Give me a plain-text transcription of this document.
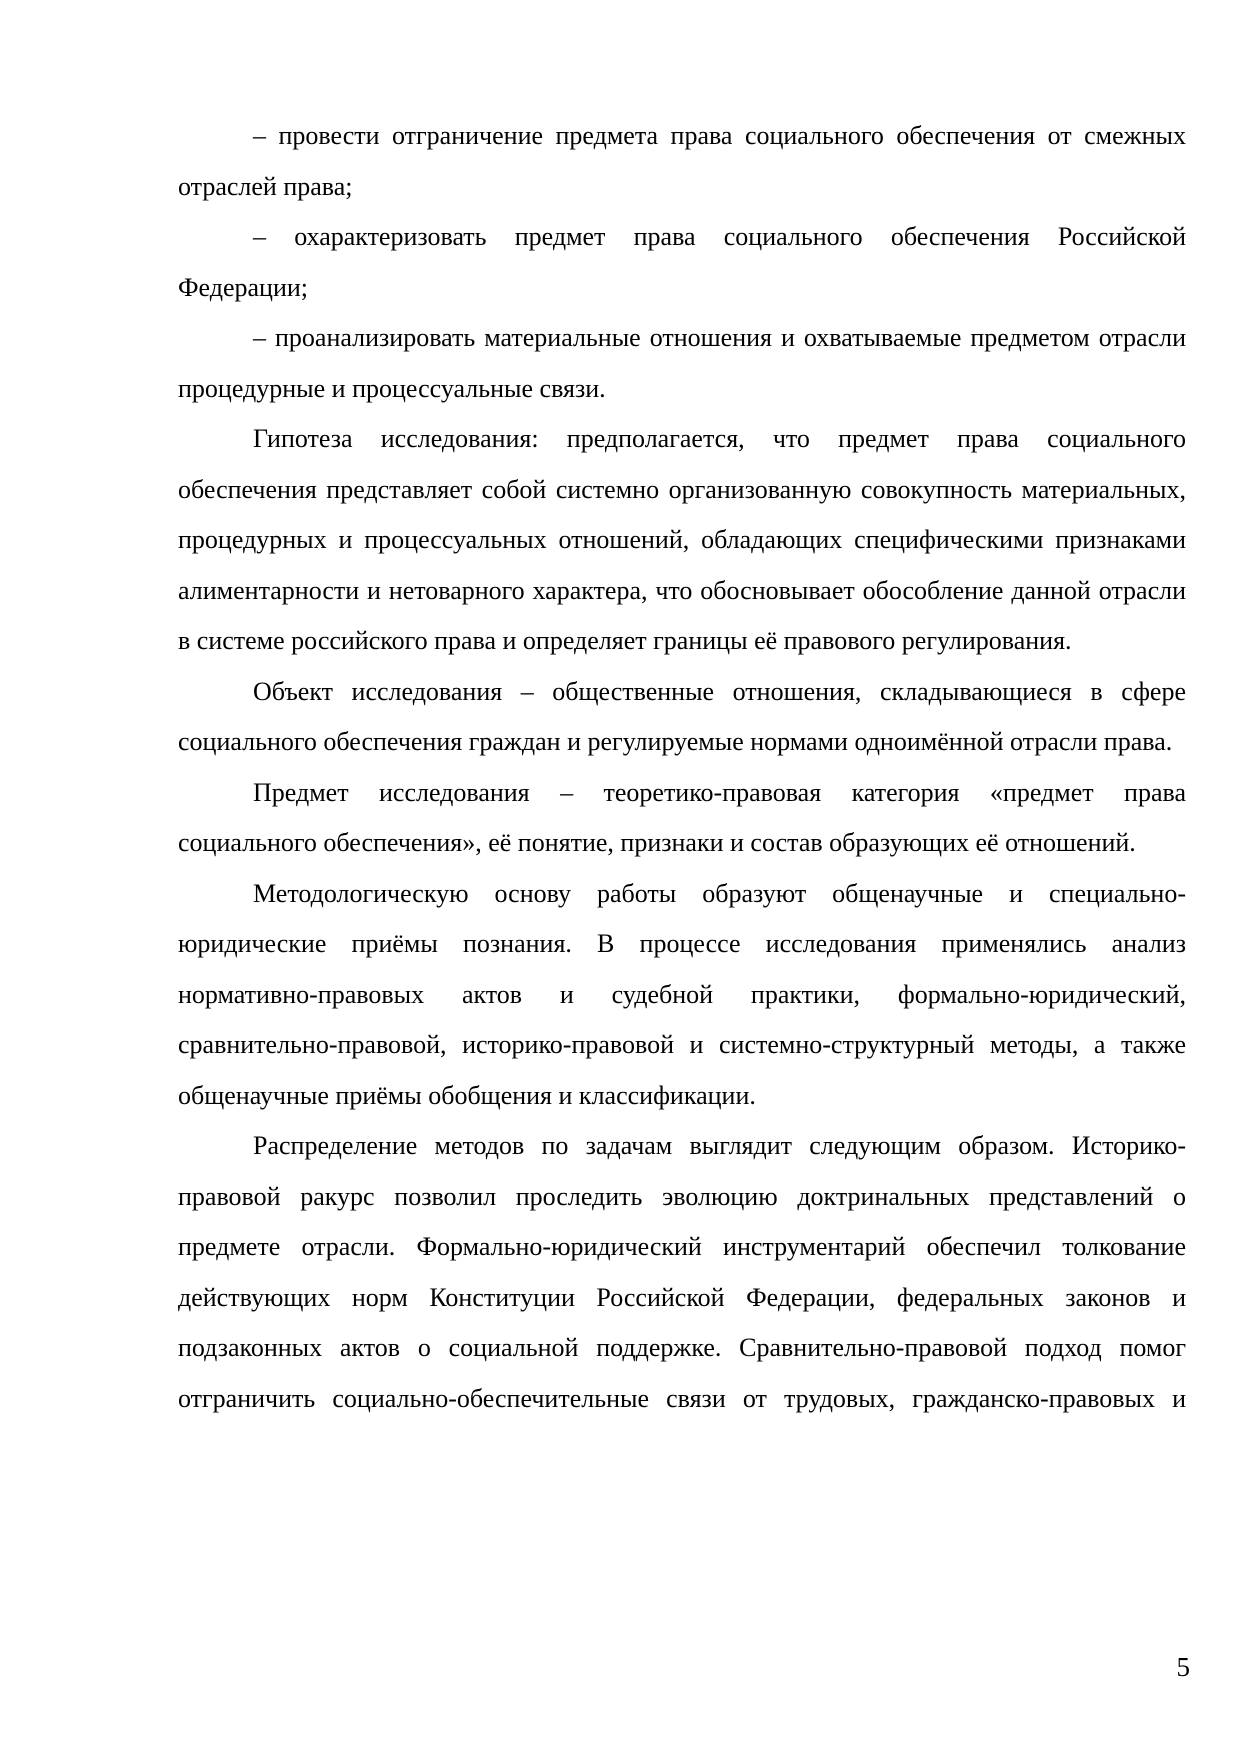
– провести отграничение предмета права социального обеспечения от смежных отраслей права;

– охарактеризовать предмет права социального обеспечения Российской Федерации;

– проанализировать материальные отношения и охватываемые предметом отрасли процедурные и процессуальные связи.

Гипотеза исследования: предполагается, что предмет права социального обеспечения представляет собой системно организованную совокупность материальных, процедурных и процессуальных отношений, обладающих специфическими признаками алиментарности и нетоварного характера, что обосновывает обособление данной отрасли в системе российского права и определяет границы её правового регулирования.

Объект исследования – общественные отношения, складывающиеся в сфере социального обеспечения граждан и регулируемые нормами одноимённой отрасли права.

Предмет исследования – теоретико-правовая категория «предмет права социального обеспечения», её понятие, признаки и состав образующих её отношений.

Методологическую основу работы образуют общенаучные и специально-юридические приёмы познания. В процессе исследования применялись анализ нормативно-правовых актов и судебной практики, формально-юридический, сравнительно-правовой, историко-правовой и системно-структурный методы, а также общенаучные приёмы обобщения и классификации.

Распределение методов по задачам выглядит следующим образом. Историко-правовой ракурс позволил проследить эволюцию доктринальных представлений о предмете отрасли. Формально-юридический инструментарий обеспечил толкование действующих норм Конституции Российской Федерации, федеральных законов и подзаконных актов о социальной поддержке. Сравнительно-правовой подход помог отграничить социально-обеспечительные связи от трудовых, гражданско-правовых и

5
